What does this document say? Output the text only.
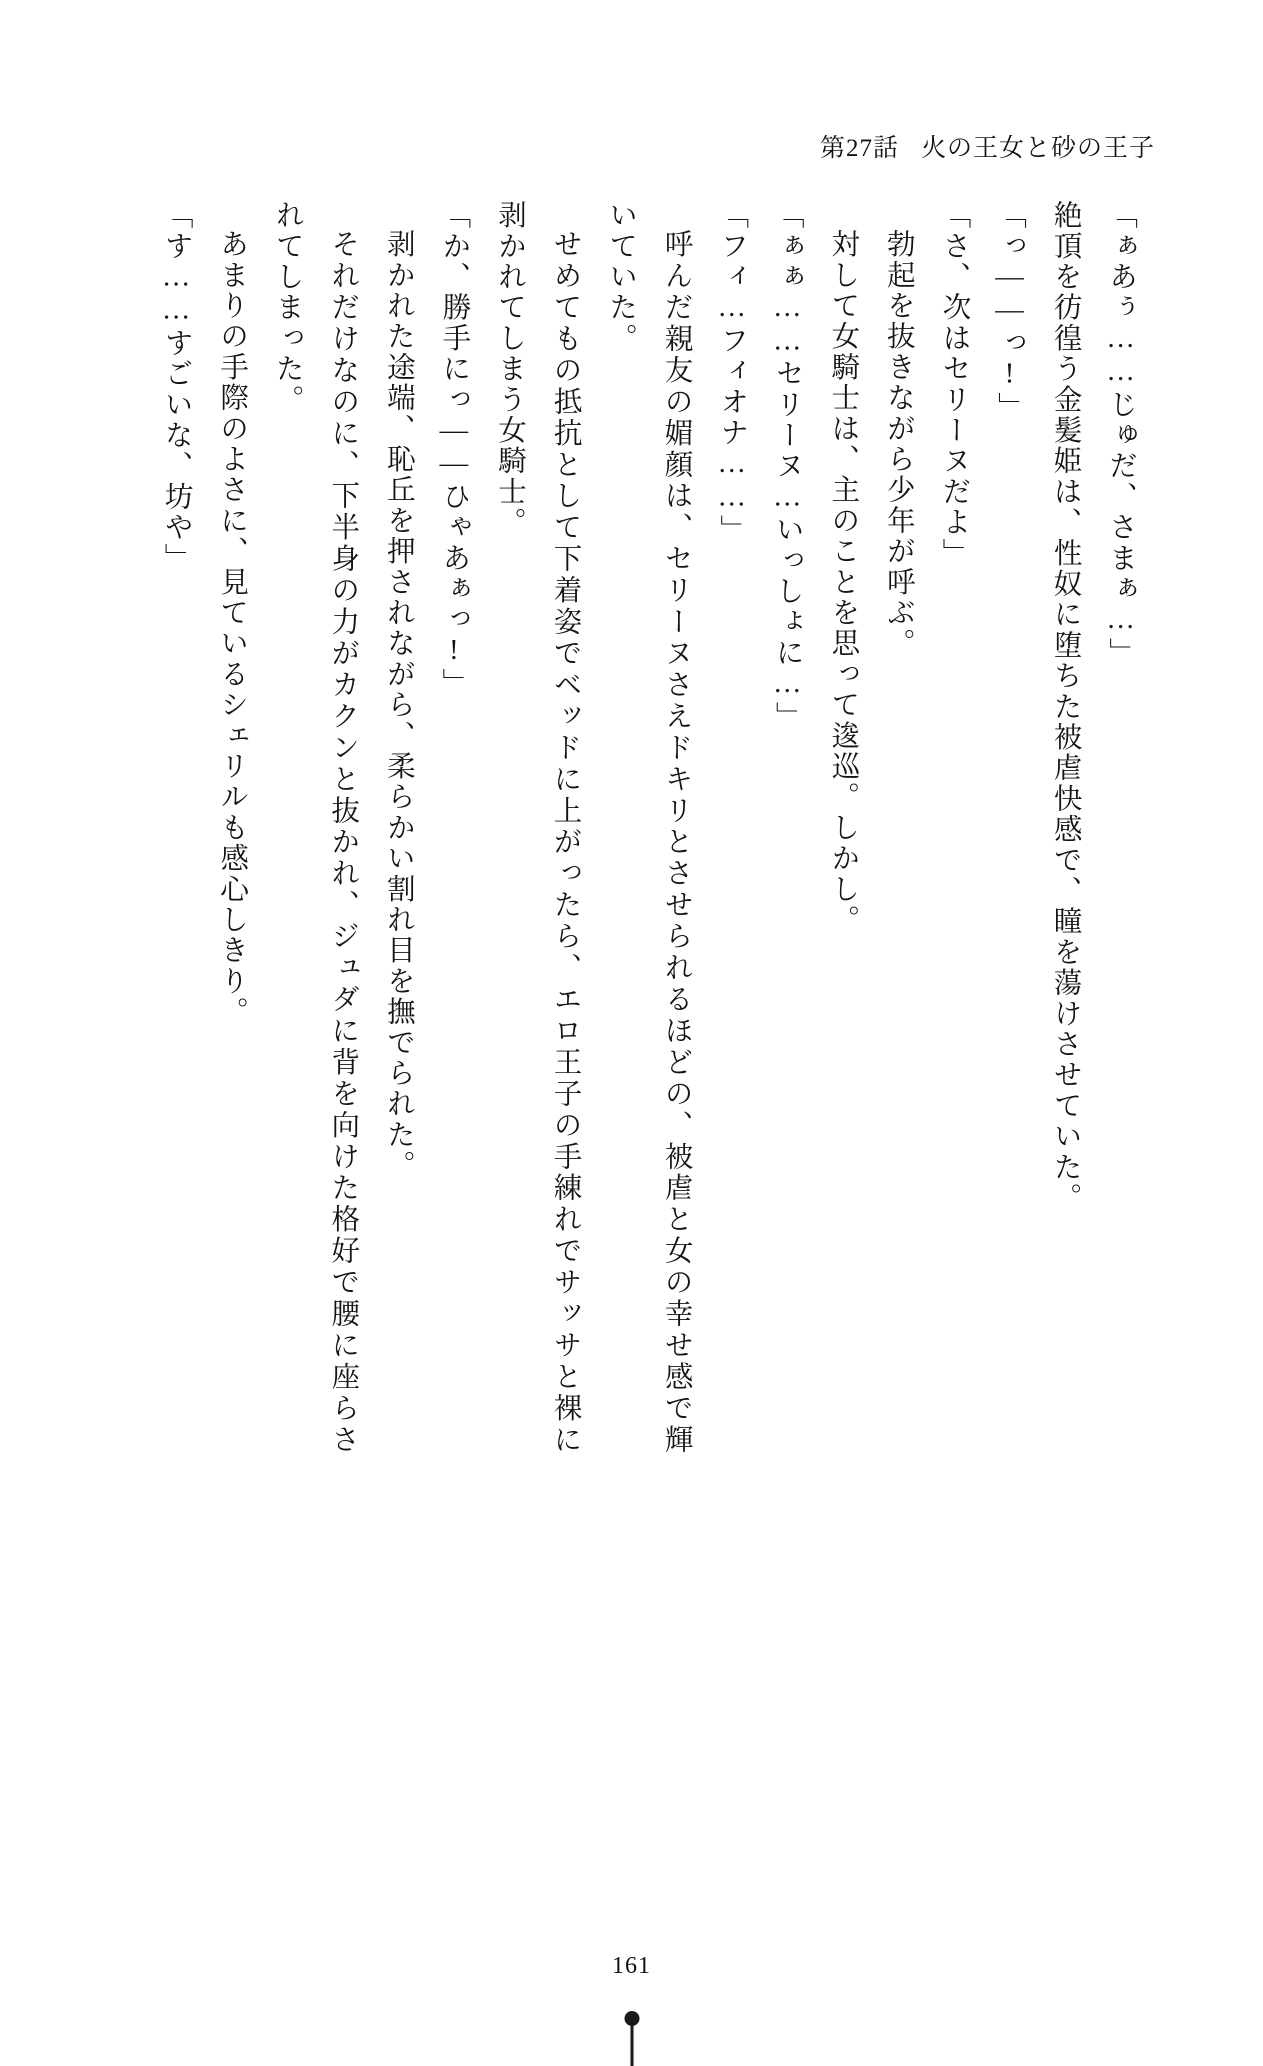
第27話 火の王女と砂の王子

「ぁあぅ……じゅだ、さまぁ…」

絶頂を彷徨う金髪姫は、性奴に堕ちた被虐快感で、瞳を蕩けさせていた。

「っ——っ!」

「さ、次はセリーヌだよ」

勃起を抜きながら少年が呼ぶ。

対して女騎士は、主のことを思って逡巡。しかし。

「ぁぁ……セリーヌ…いっしょに…」

「フィ…フィオナ……」

呼んだ親友の媚顔は、セリーヌさえドキリとさせられるほどの、被虐と女の幸せ感で輝いていた。

せめてもの抵抗として下着姿でベッドに上がったら、エロ王子の手練れでサッサと裸に剥かれてしまう女騎士。

「か、勝手にっ——ひゃあぁっ!」

剥かれた途端、恥丘を押されながら、柔らかい割れ目を撫でられた。

それだけなのに、下半身の力がカクンと抜かれ、ジュダに背を向けた格好で腰に座らされてしまった。

あまりの手際のよさに、見ているシェリルも感心しきり。

「す……すごいな、坊や」

161
